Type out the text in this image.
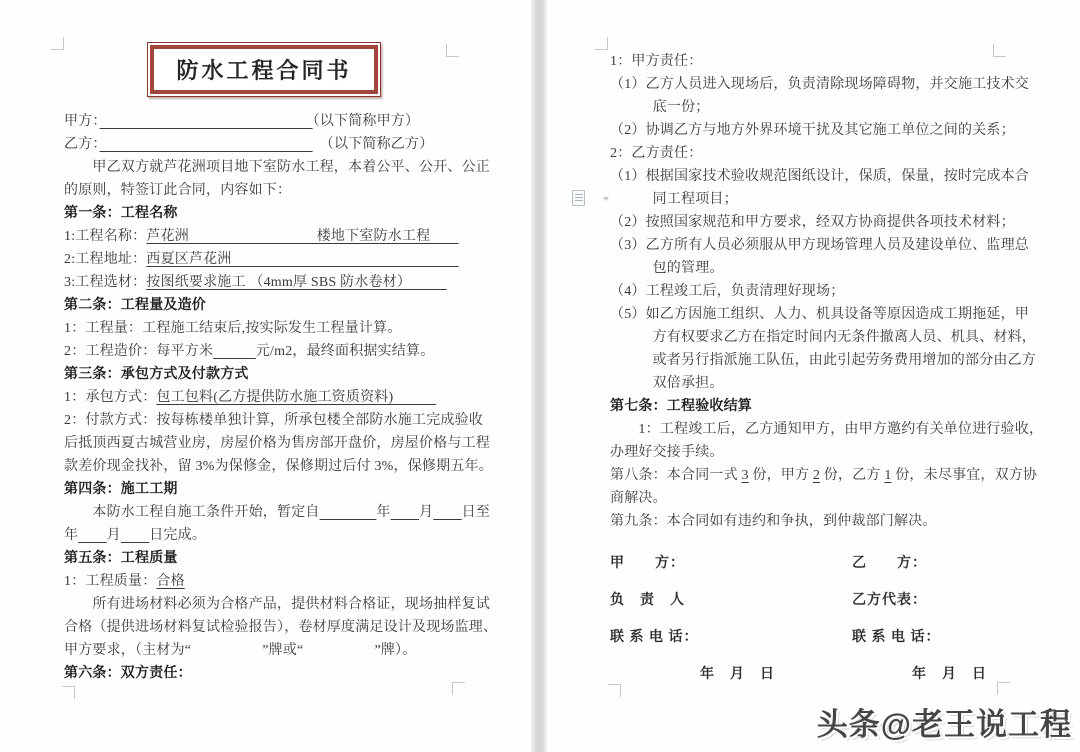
防水工程合同书
甲方：　　　　　　　　　　　　　　　	（以下简称甲方）
乙方：　　　　　　　　　　　　　　　	　（以下简称乙方）
　　甲乙双方就芦花洲项目地下室防水工程，本着公平、公开、公正
的原则，特签订此合同，内容如下：
第一条：工程名称
1:工程名称：芦花洲　　　　　　　　　楼地下室防水工程　　
2:工程地址：西夏区芦花洲　　　　　　　　　　　　　　　　
3:工程选材：按图纸要求施工 （4mm厚 SBS 防水卷材）　　　
第二条：工程量及造价
1：工程量：工程施工结束后,按实际发生工程量计算。
2：工程造价：每平方米　　　	元/m2，最终面积据实结算。
第三条：承包方式及付款方式
1：承包方式：包工包料(乙方提供防水施工资质资料)　　　
2：付款方式：按每栋楼单独计算，所承包楼全部防水施工完成验收
后抵顶西夏古城营业房，房屋价格为售房部开盘价，房屋价格与工程
款差价现金找补，留 3%为保修金，保修期过后付 3%，保修期五年。
第四条：施工工期
　　本防水工程自施工条件开始，暂定自　　　　	年　　 月　　 日至
年　　 月　　 日完成。
第五条：工程质量
1：工程质量：合格
　　所有进场材料必须为合格产品，提供材料合格证，现场抽样复试
合格（提供进场材料复试检验报告），卷材厚度满足设计及现场监理、
甲方要求，（主材为“　　　　　”牌或“　　　　　”牌）。
第六条：双方责任：
1：甲方责任：
（1）乙方人员进入现场后，负责清除现场障碍物，并交施工技术交
　　　底一份；
（2）协调乙方与地方外界环境干扰及其它施工单位之间的关系；
2：乙方责任：
（1）根据国家技术验收规范图纸设计，保质，保量，按时完成本合
　　　同工程项目；
（2）按照国家规范和甲方要求，经双方协商提供各项技术材料；
（3）乙方所有人员必须服从甲方现场管理人员及建设单位、监理总
　　　包的管理。
（4）工程竣工后，负责清理好现场；
（5）如乙方因施工组织、人力、机具设备等原因造成工期拖延，甲
　　　方有权要求乙方在指定时间内无条件撤离人员、机具、材料，
　　　或者另行指派施工队伍，由此引起劳务费用增加的部分由乙方
　　　双倍承担。
第七条：工程验收结算
　　1：工程竣工后，乙方通知甲方，由甲方邀约有关单位进行验收，
办理好交接手续。
第八条：本合同一式 3 份，甲方 2 份，乙方 1 份，未尽事宜，双方协
商解决。
第九条：本合同如有违约和争执，到仲裁部门解决。
甲　　方：	乙　　方：
负　责　人	乙方代表：
联 系 电 话：	联 系 电 话：
　　　　　　年　月　日	　　　　年　月　日
头条@老王说工程
